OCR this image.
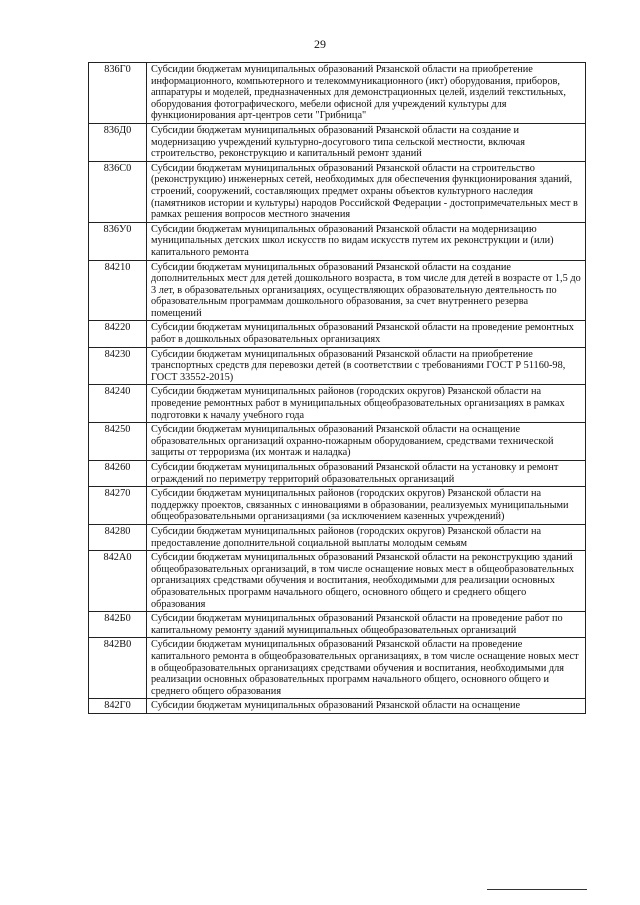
29
836Г0	Субсидии бюджетам муниципальных образований Рязанской области на приобретение информационного, компьютерного и телекоммуникационного (икт) оборудования, приборов, аппаратуры и моделей, предназначенных для демонстрационных целей, изделий текстильных, оборудования фотографического, мебели офисной для учреждений культуры для функционирования арт-центров сети "Грибница"
836Д0	Субсидии бюджетам муниципальных образований Рязанской области на создание и модернизацию учреждений культурно-досугового типа сельской местности, включая строительство, реконструкцию и капитальный ремонт зданий
836С0	Субсидии бюджетам муниципальных образований Рязанской области на строительство (реконструкцию) инженерных сетей, необходимых для обеспечения функционирования зданий, строений, сооружений, составляющих предмет охраны объектов культурного наследия (памятников истории и культуры) народов Российской Федерации - достопримечательных мест в рамках решения вопросов местного значения
836У0	Субсидии бюджетам муниципальных образований Рязанской области на модернизацию муниципальных детских школ искусств по видам искусств путем их реконструкции и (или) капитального ремонта
84210	Субсидии бюджетам муниципальных образований Рязанской области на создание дополнительных мест для детей дошкольного возраста, в том числе для детей в возрасте от 1,5 до 3 лет, в образовательных организациях, осуществляющих образовательную деятельность по образовательным программам дошкольного образования, за счет внутреннего резерва помещений
84220	Субсидии бюджетам муниципальных образований Рязанской области на проведение ремонтных работ в дошкольных образовательных организациях
84230	Субсидии бюджетам муниципальных образований Рязанской области на приобретение транспортных средств для перевозки детей (в соответствии с требованиями ГОСТ Р 51160-98, ГОСТ 33552-2015)
84240	Субсидии бюджетам муниципальных районов (городских округов) Рязанской области на проведение ремонтных работ в муниципальных общеобразовательных организациях в рамках подготовки к началу учебного года
84250	Субсидии бюджетам муниципальных образований Рязанской области на оснащение образовательных организаций охранно-пожарным оборудованием, средствами технической защиты от терроризма (их монтаж и наладка)
84260	Субсидии бюджетам муниципальных образований Рязанской области на установку и ремонт ограждений по периметру территорий образовательных организаций
84270	Субсидии бюджетам муниципальных районов (городских округов) Рязанской области на поддержку проектов, связанных с инновациями в образовании, реализуемых муниципальными общеобразовательными организациями (за исключением казенных учреждений)
84280	Субсидии бюджетам муниципальных районов (городских округов) Рязанской области на предоставление дополнительной социальной выплаты молодым семьям
842А0	Субсидии бюджетам муниципальных образований Рязанской области на реконструкцию зданий общеобразовательных организаций, в том числе оснащение новых мест в общеобразовательных организациях средствами обучения и воспитания, необходимыми для реализации основных образовательных программ начального общего, основного общего и среднего общего образования
842Б0	Субсидии бюджетам муниципальных образований Рязанской области на проведение работ по капитальному ремонту зданий муниципальных общеобразовательных организаций
842В0	Субсидии бюджетам муниципальных образований Рязанской области на проведение капитального ремонта в общеобразовательных организациях, в том числе оснащение новых мест в общеобразовательных организациях средствами обучения и воспитания, необходимыми для реализации основных образовательных программ начального общего, основного общего и среднего общего образования
842Г0	Субсидии бюджетам муниципальных образований Рязанской области на оснащение
